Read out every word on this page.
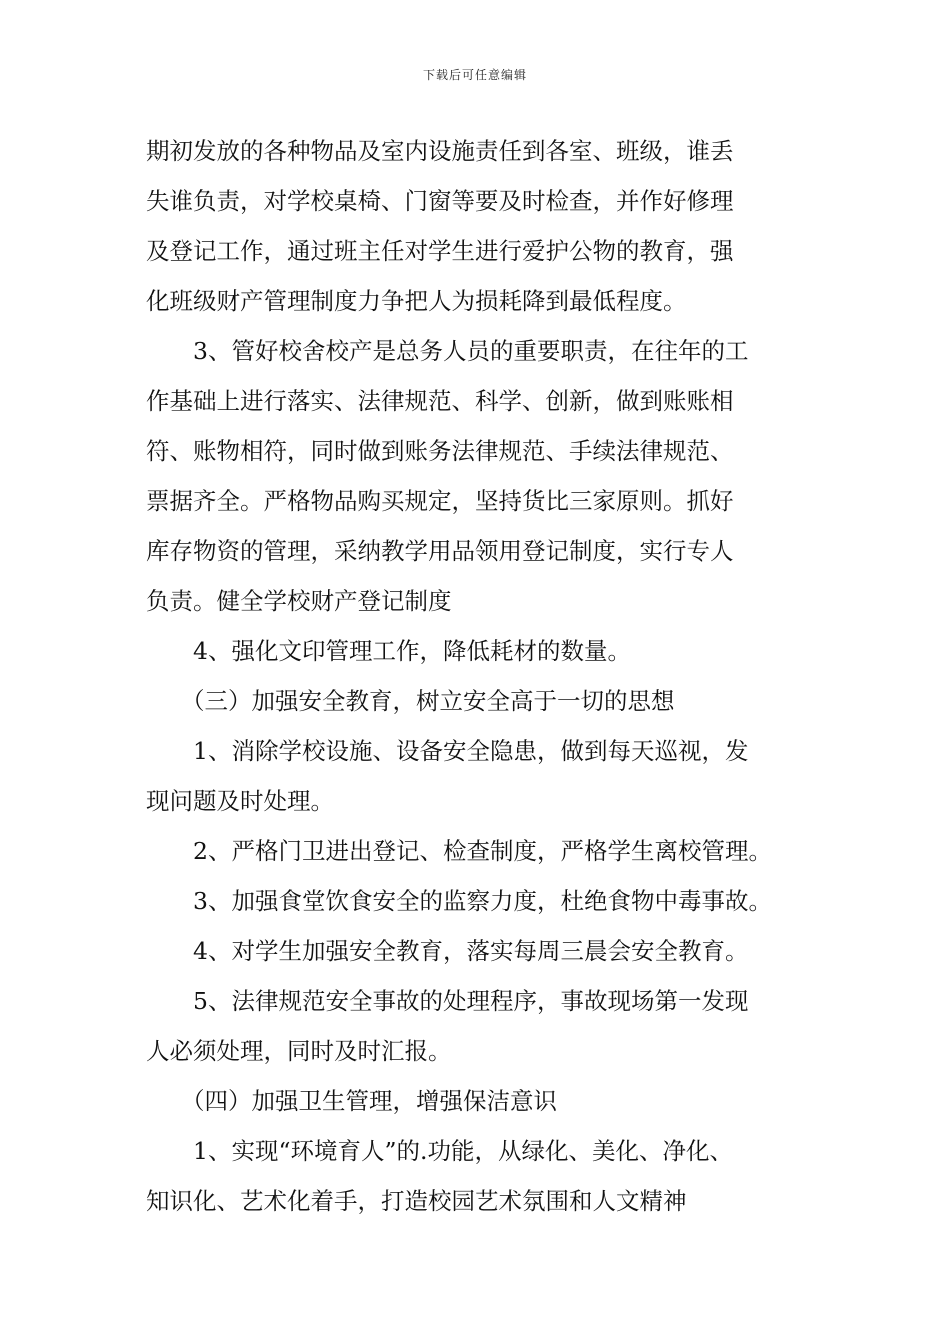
下载后可任意编辑
期初发放的各种物品及室内设施责任到各室、班级，谁丢
失谁负责，对学校桌椅、门窗等要及时检查，并作好修理
及登记工作，通过班主任对学生进行爱护公物的教育，强
化班级财产管理制度力争把人为损耗降到最低程度。
3、管好校舍校产是总务人员的重要职责，在往年的工
作基础上进行落实、法律规范、科学、创新，做到账账相
符、账物相符，同时做到账务法律规范、手续法律规范、
票据齐全。严格物品购买规定，坚持货比三家原则。抓好
库存物资的管理，采纳教学用品领用登记制度，实行专人
负责。健全学校财产登记制度
4、强化文印管理工作，降低耗材的数量。
（三）加强安全教育，树立安全高于一切的思想
1、消除学校设施、设备安全隐患，做到每天巡视，发
现问题及时处理。
2、严格门卫进出登记、检查制度，严格学生离校管理。
3、加强食堂饮食安全的监察力度，杜绝食物中毒事故。
4、对学生加强安全教育，落实每周三晨会安全教育。
5、法律规范安全事故的处理程序，事故现场第一发现
人必须处理，同时及时汇报。
（四）加强卫生管理，增强保洁意识
1、实现“环境育人”的.功能，从绿化、美化、净化、
知识化、艺术化着手，打造校园艺术氛围和人文精神
